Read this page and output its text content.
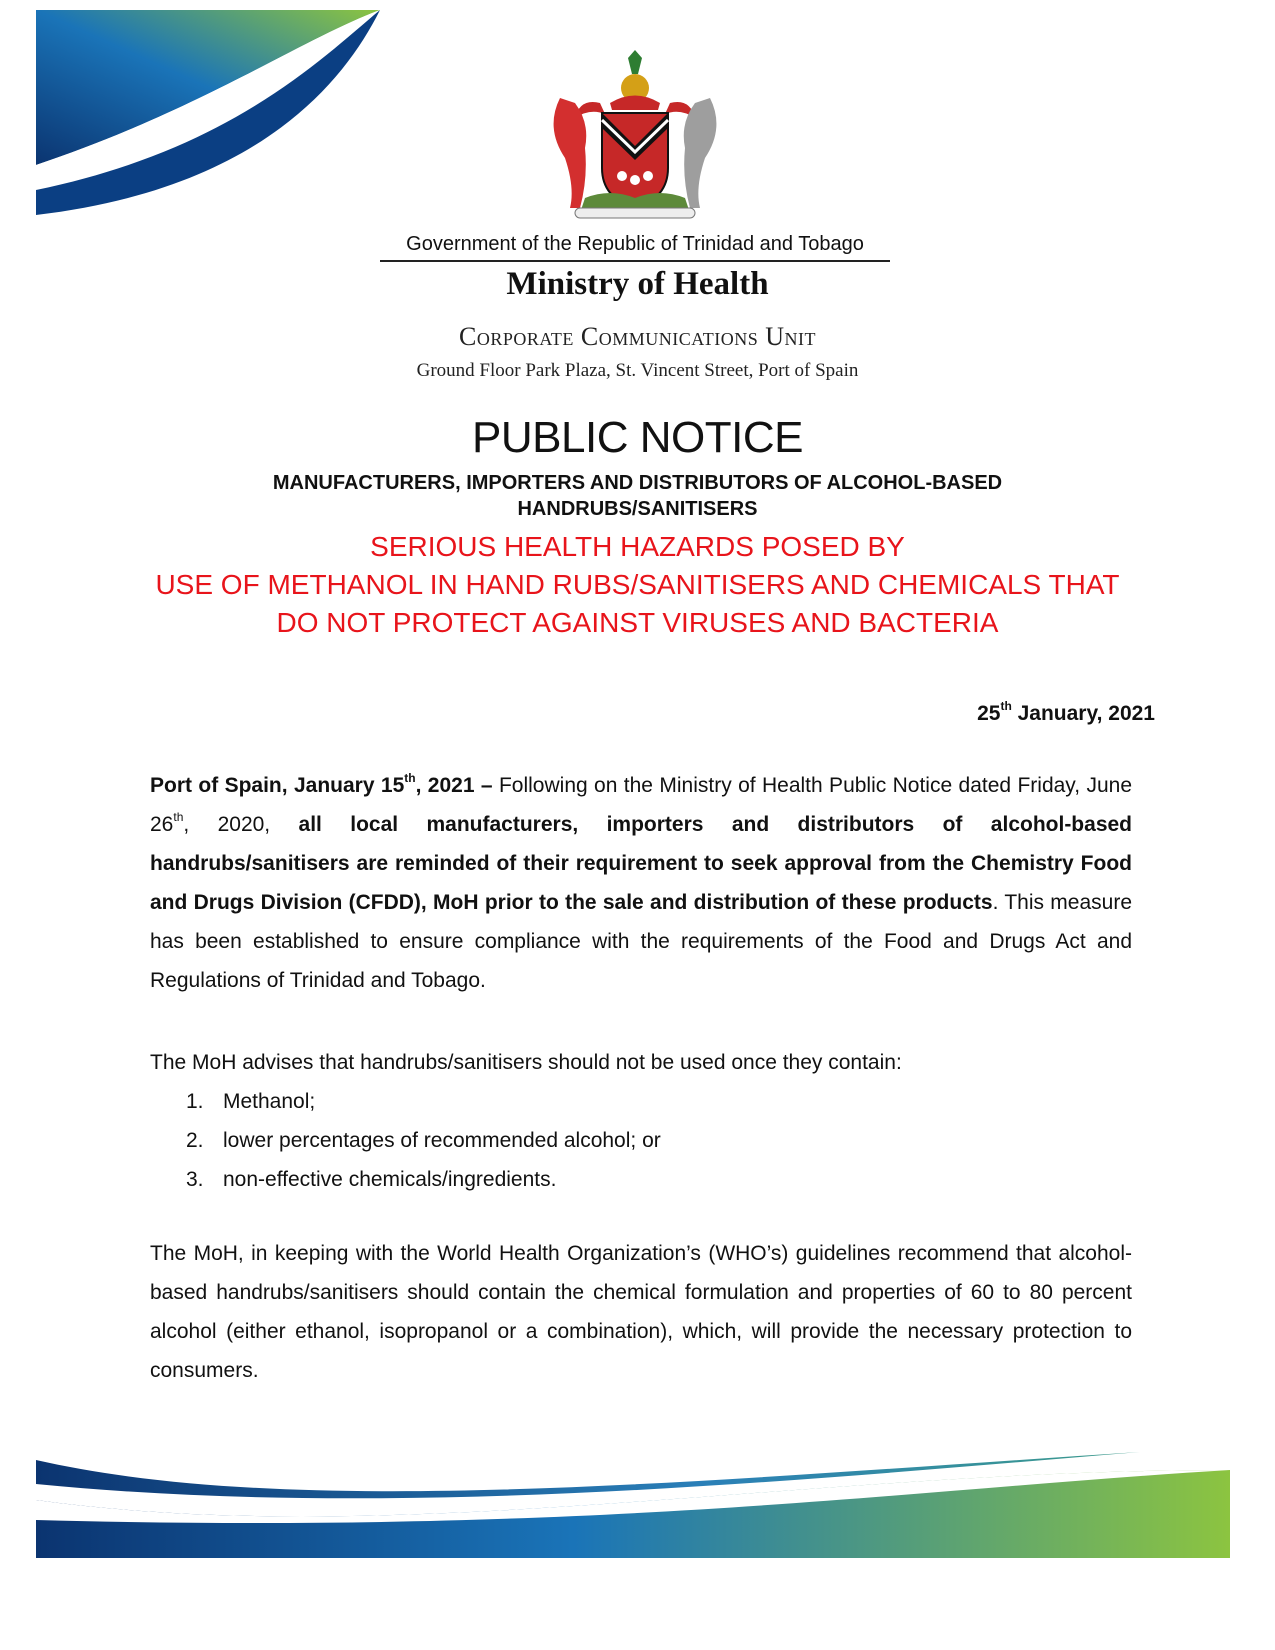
Government of the Republic of Trinidad and Tobago
Ministry of Health
Corporate Communications Unit
Ground Floor Park Plaza, St. Vincent Street, Port of Spain
PUBLIC NOTICE
MANUFACTURERS, IMPORTERS AND DISTRIBUTORS OF ALCOHOL-BASED
HANDRUBS/SANITISERS
SERIOUS HEALTH HAZARDS POSED BY
USE OF METHANOL IN HAND RUBS/SANITISERS AND CHEMICALS THAT
DO NOT PROTECT AGAINST VIRUSES AND BACTERIA
25th January, 2021
Port of Spain, January 15th, 2021 – Following on the Ministry of Health Public Notice dated Friday, June 26th, 2020, all local manufacturers, importers and distributors of alcohol-based handrubs/sanitisers are reminded of their requirement to seek approval from the Chemistry Food and Drugs Division (CFDD), MoH prior to the sale and distribution of these products. This measure has been established to ensure compliance with the requirements of the Food and Drugs Act and Regulations of Trinidad and Tobago.
The MoH advises that handrubs/sanitisers should not be used once they contain:
1. Methanol;
2. lower percentages of recommended alcohol; or
3. non-effective chemicals/ingredients.
The MoH, in keeping with the World Health Organization’s (WHO’s) guidelines recommend that alcohol-based handrubs/sanitisers should contain the chemical formulation and properties of 60 to 80 percent alcohol (either ethanol, isopropanol or a combination), which, will provide the necessary protection to consumers.
